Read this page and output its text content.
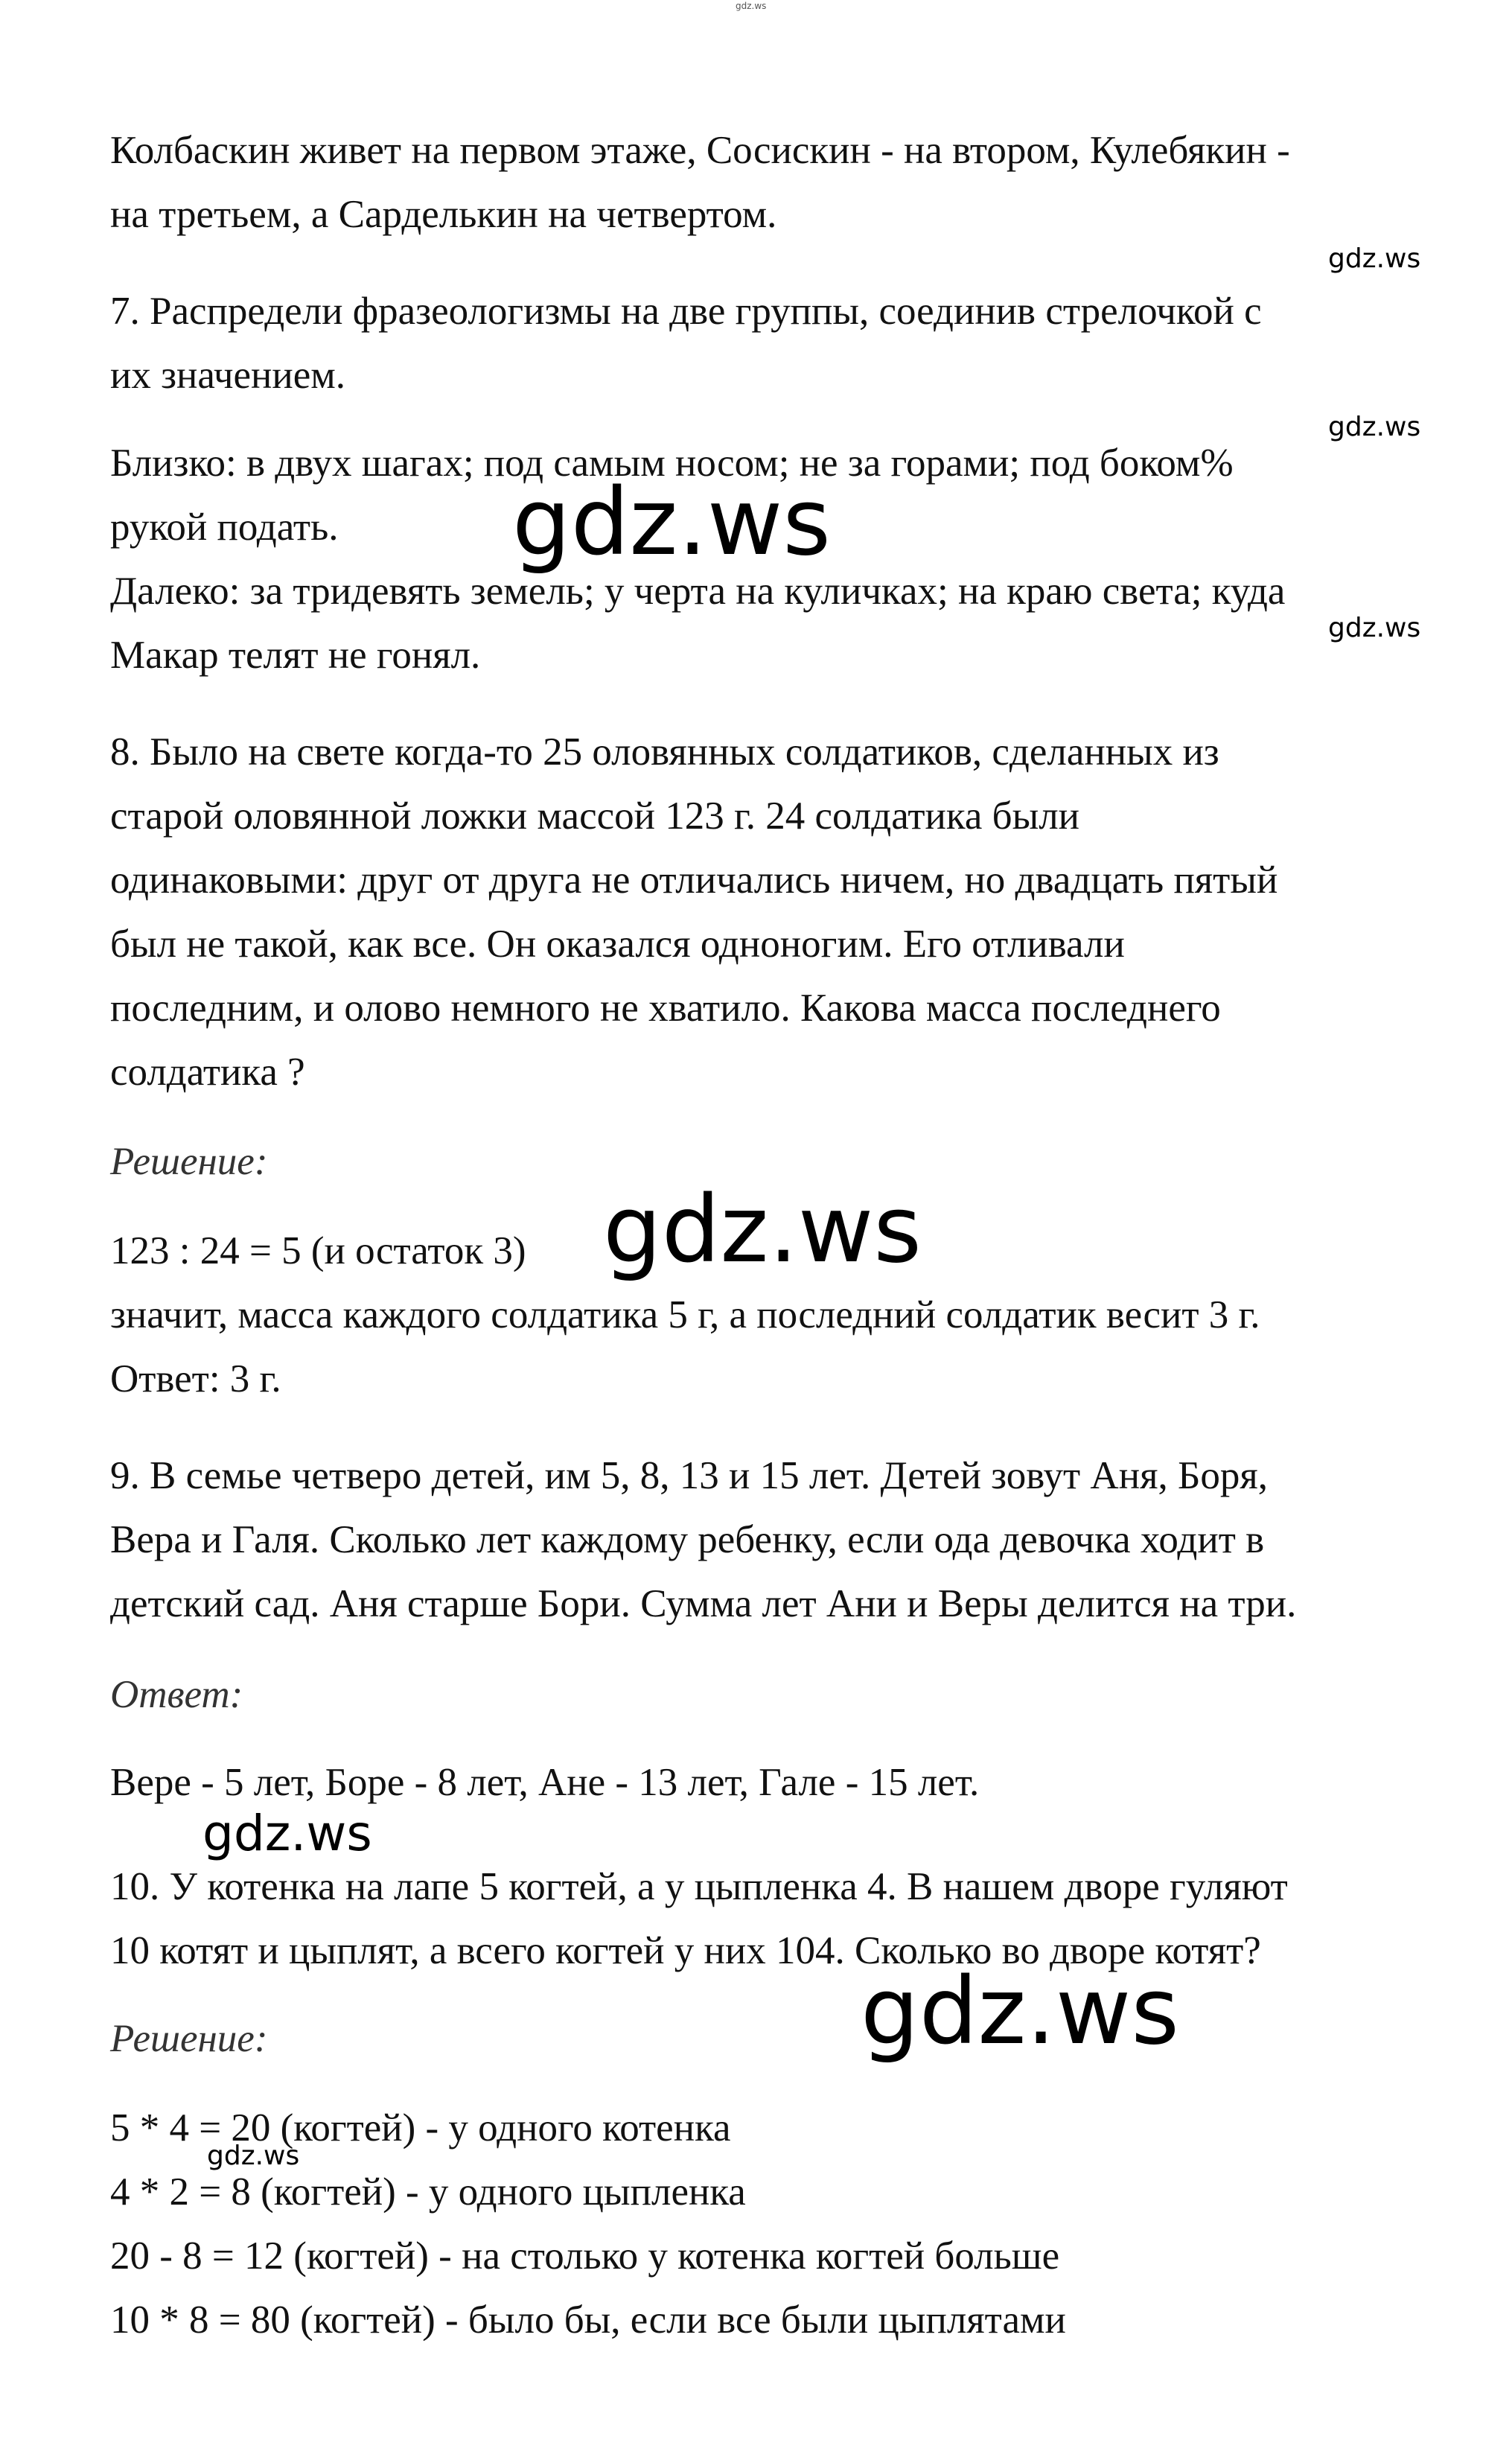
gdz.ws

Колбаскин живет на первом этаже, Сосискин - на втором, Кулебякин -

на третьем, а Сарделькин на четвертом.

gdz.ws

7. Распредели фразеологизмы на две группы, соединив стрелочкой с

их значением.

gdz.ws

Близко: в двух шагах; под самым носом; не за горами; под боком%

рукой подать. gdz.ws

Далеко: за тридевять земель; у черта на куличках; на краю света; куда

gdz.ws

Макар телят не гонял.

8. Было на свете когда-то 25 оловянных солдатиков, сделанных из

старой оловянной ложки массой 123 г. 24 солдатика были

одинаковыми: друг от друга не отличались ничем, но двадцать пятый

был не такой, как все. Он оказался одноногим. Его отливали

последним, и олово немного не хватило. Какова масса последнего

солдатика ?

Решение:

123 : 24 = 5 (и остаток 3) gdz.ws

значит, масса каждого солдатика 5 г, а последний солдатик весит 3 г.

Ответ: 3 г.

9. В семье четверо детей, им 5, 8, 13 и 15 лет. Детей зовут Аня, Боря,

Вера и Галя. Сколько лет каждому ребенку, если ода девочка ходит в

детский сад. Аня старше Бори. Сумма лет Ани и Веры делится на три.

Ответ:

Вере - 5 лет, Боре - 8 лет, Ане - 13 лет, Гале - 15 лет.

gdz.ws

10. У котенка на лапе 5 когтей, а у цыпленка 4. В нашем дворе гуляют

10 котят и цыплят, а всего когтей у них 104. Сколько во дворе котят?

gdz.ws

Решение:

5 * 4 = 20 (когтей) - у одного котенка

gdz.ws

4 * 2 = 8 (когтей) - у одного цыпленка

20 - 8 = 12 (когтей) - на столько у котенка когтей больше

10 * 8 = 80 (когтей) - было бы, если все были цыплятами
